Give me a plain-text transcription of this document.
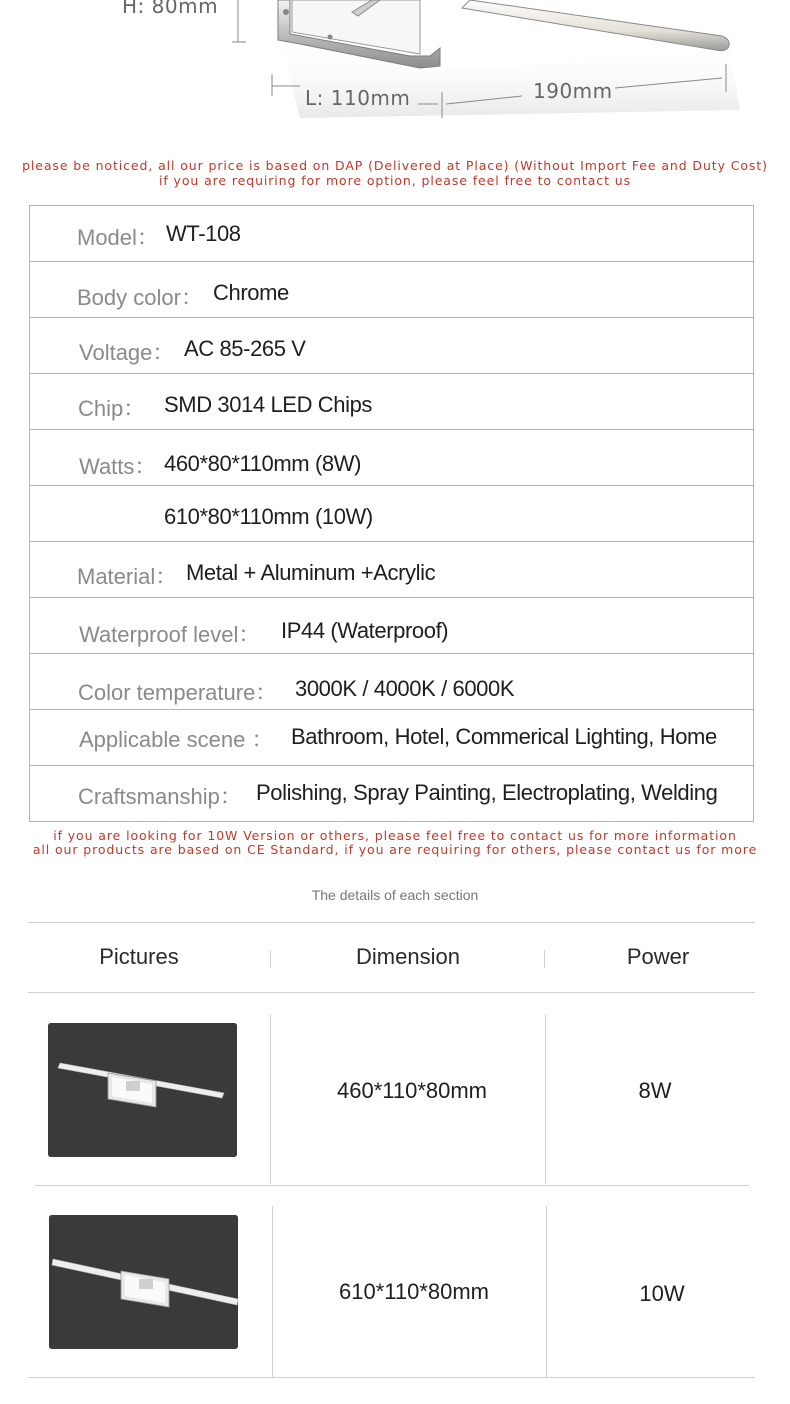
H: 80mm
L: 110mm	190mm
please be noticed, all our price is based on DAP (Delivered at Place) (Without Import Fee and Duty Cost)
if you are requiring for more option, please feel free to contact us
Model： WT-108
Body color： Chrome
Voltage： AC 85-265 V
Chip： SMD 3014 LED Chips
Watts： 460*80*110mm (8W)
610*80*110mm (10W)
Material： Metal + Aluminum +Acrylic
Waterproof level： IP44 (Waterproof)
Color temperature： 3000K / 4000K / 6000K
Applicable scene ： Bathroom, Hotel, Commerical Lighting, Home
Craftsmanship： Polishing, Spray Painting, Electroplating, Welding
if you are looking for 10W Version or others, please feel free to contact us for more information
all our products are based on CE Standard, if you are requiring for others, please contact us for more
The details of each section
Pictures	Dimension	Power
460*110*80mm	8W
610*110*80mm	10W
